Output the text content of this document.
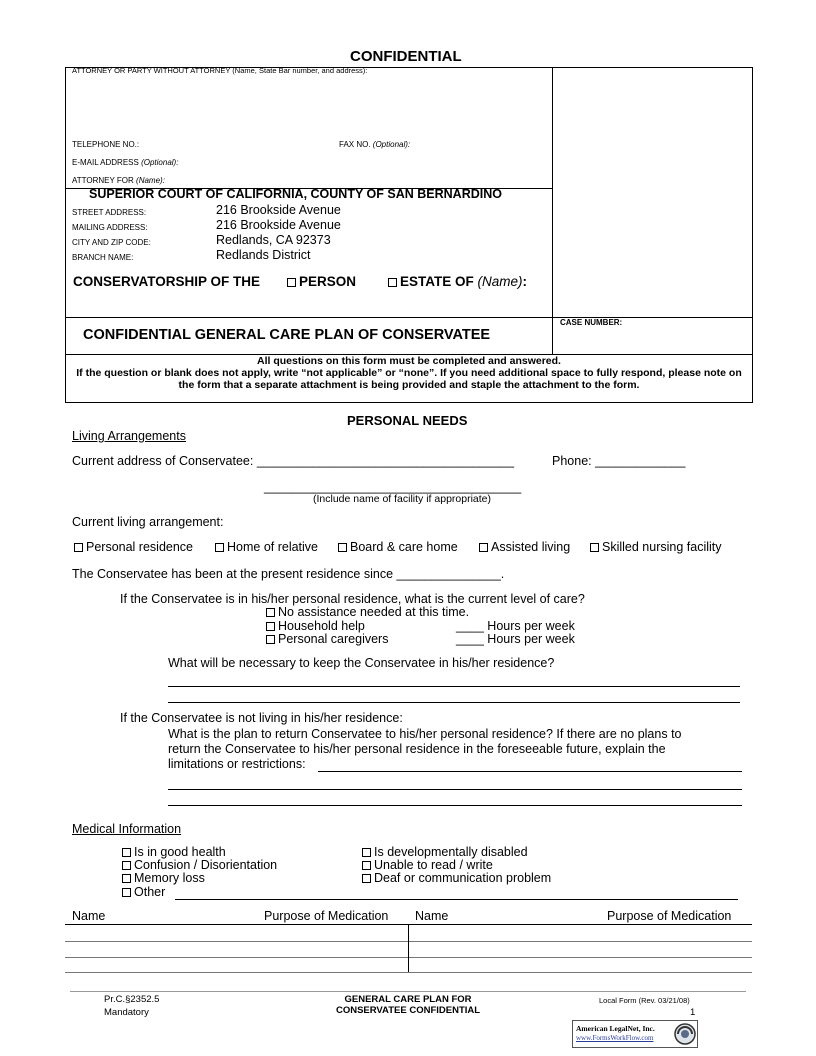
CONFIDENTIAL
ATTORNEY OR PARTY WITHOUT ATTORNEY (Name, State Bar number, and address):
TELEPHONE NO.:	FAX NO. (Optional):
E-MAIL ADDRESS (Optional):
ATTORNEY FOR (Name):
SUPERIOR COURT OF CALIFORNIA, COUNTY OF SAN BERNARDINO
STREET ADDRESS:	216 Brookside Avenue
MAILING ADDRESS:	216 Brookside Avenue
CITY AND ZIP CODE:	Redlands, CA 92373
BRANCH NAME:	Redlands District
CONSERVATORSHIP OF THE	PERSON	ESTATE OF (Name):
CONFIDENTIAL GENERAL CARE PLAN OF CONSERVATEE
CASE NUMBER:
All questions on this form must be completed and answered.
If the question or blank does not apply, write “not applicable” or “none”. If you need additional space to fully respond, please note on the form that a separate attachment is being provided and staple the attachment to the form.
PERSONAL NEEDS
Living Arrangements
Current address of Conservatee: _____________________________________	Phone: _____________
_____________________________________
(Include name of facility if appropriate)
Current living arrangement:
Personal residence	Home of relative	Board & care home	Assisted living	Skilled nursing facility
The Conservatee has been at the present residence since _______________.
If the Conservatee is in his/her personal residence, what is the current level of care?
No assistance needed at this time.
Household help	____ Hours per week
Personal caregivers	____ Hours per week
What will be necessary to keep the Conservatee in his/her residence?
If the Conservatee is not living in his/her residence:
What is the plan to return Conservatee to his/her personal residence? If there are no plans to
return the Conservatee to his/her personal residence in the foreseeable future, explain the
limitations or restrictions:
Medical Information
Is in good health
Confusion / Disorientation
Memory loss
Other
Is developmentally disabled
Unable to read / write
Deaf or communication problem
Name	Purpose of Medication Name	Purpose of Medication
Pr.C.§2352.5
Mandatory
GENERAL CARE PLAN FOR
CONSERVATEE CONFIDENTIAL
Local Form (Rev. 03/21/08)
1
American LegalNet, Inc.
www.FormsWorkFlow.com
